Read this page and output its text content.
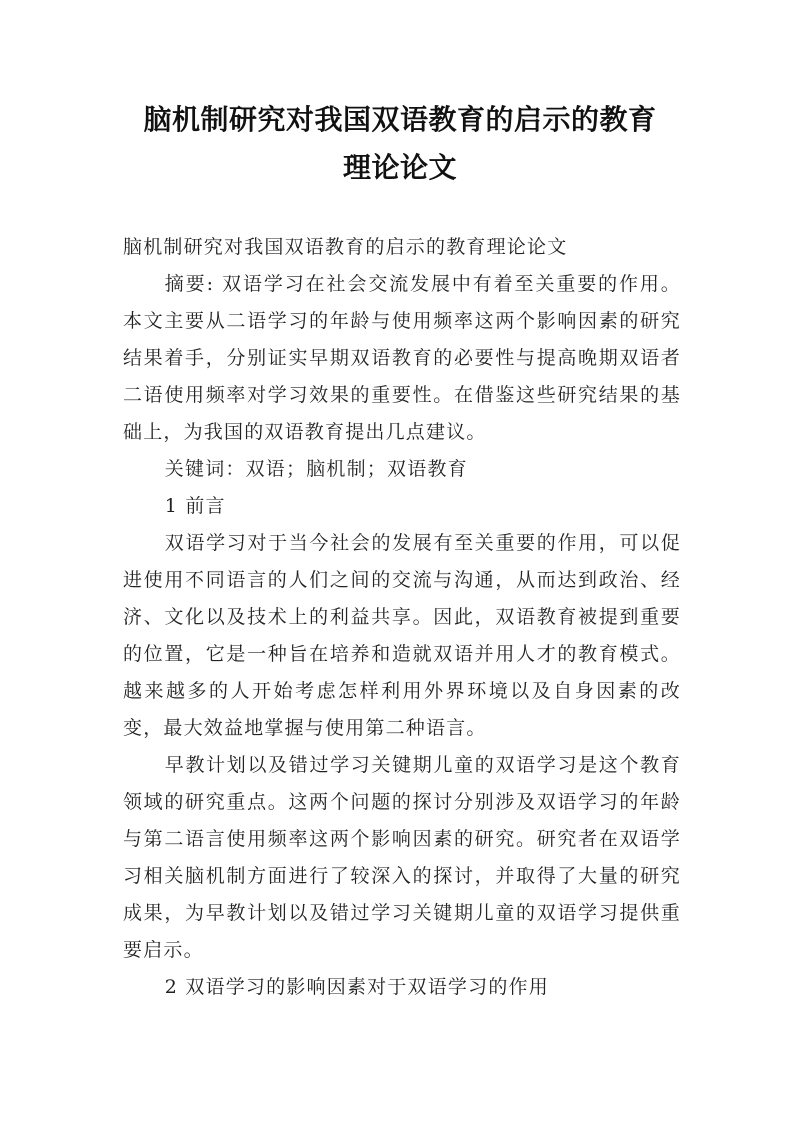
脑机制研究对我国双语教育的启示的教育
理论论文

脑机制研究对我国双语教育的启示的教育理论论文

摘要: 双语学习在社会交流发展中有着至关重要的作用。本文主要从二语学习的年龄与使用频率这两个影响因素的研究结果着手，分别证实早期双语教育的必要性与提高晚期双语者二语使用频率对学习效果的重要性。在借鉴这些研究结果的基础上，为我国的双语教育提出几点建议。

关键词：双语；脑机制；双语教育

1 前言

双语学习对于当今社会的发展有至关重要的作用，可以促进使用不同语言的人们之间的交流与沟通，从而达到政治、经济、文化以及技术上的利益共享。因此，双语教育被提到重要的位置，它是一种旨在培养和造就双语并用人才的教育模式。越来越多的人开始考虑怎样利用外界环境以及自身因素的改变，最大效益地掌握与使用第二种语言。

早教计划以及错过学习关键期儿童的双语学习是这个教育领域的研究重点。这两个问题的探讨分别涉及双语学习的年龄与第二语言使用频率这两个影响因素的研究。研究者在双语学习相关脑机制方面进行了较深入的探讨，并取得了大量的研究成果，为早教计划以及错过学习关键期儿童的双语学习提供重要启示。

2 双语学习的影响因素对于双语学习的作用
